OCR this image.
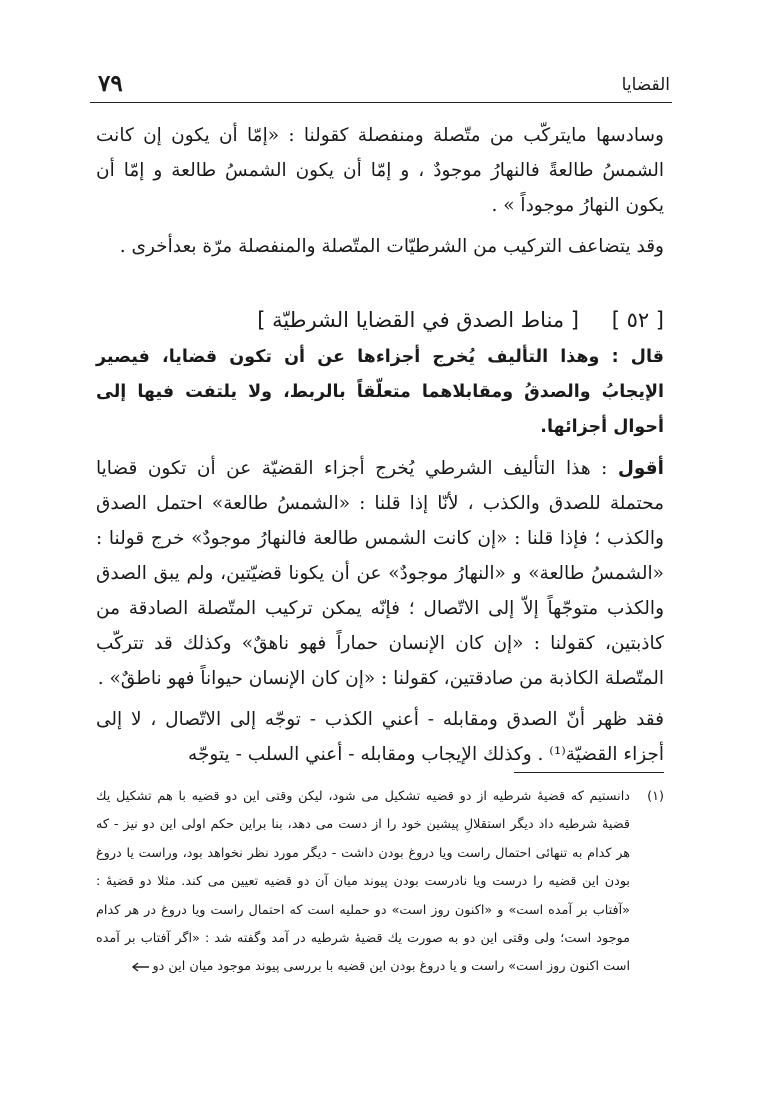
٧٩	القضايا

وسادسها مايتركّب من متّصلة ومنفصلة كقولنا : «إمّا أن يكون إن كانت الشمسُ طالعةً فالنهارُ موجودٌ ، و إمّا أن يكون الشمسُ طالعة و إمّا أن يكون النهارُ موجوداً » .

وقد يتضاعف التركيب من الشرطيّات المتّصلة والمنفصلة مرّة بعدأخرى .

[ ٥٢ ] [ مناط الصدق في القضايا الشرطيّة ]

قال : وهذا التأليف يُخرج أجزاءها عن أن تكون قضايا، فيصير الإيجابُ والصدقُ ومقابلاهما متعلّقاً بالربط، ولا يلتفت فيها إلى أحوال أجزائها.

أقول : هذا التأليف الشرطي يُخرج أجزاء القضيّة عن أن تكون قضايا محتملة للصدق والكذب ، لأنّا إذا قلنا : «الشمسُ طالعة» احتمل الصدق والكذب ؛ فإذا قلنا : «إن كانت الشمس طالعة فالنهارُ موجودٌ» خرج قولنا : «الشمسُ طالعة» و «النهارُ موجودٌ» عن أن يكونا قضيّتين، ولم يبق الصدق والكذب متوجّهاً إلاّ إلى الاتّصال ؛ فإنّه يمكن تركيب المتّصلة الصادقة من كاذبتين، كقولنا : «إن كان الإنسان حماراً فهو ناهقٌ» وكذلك قد تتركّب المتّصلة الكاذبة من صادقتين، كقولنا : «إن كان الإنسان حيواناً فهو ناطقٌ» .

فقد ظهر أنّ الصدق ومقابله - أعني الكذب - توجّه إلى الاتّصال ، لا إلى أجزاء القضيّة⁽¹⁾ . وكذلك الإيجاب ومقابله - أعني السلب - يتوجّه

(١)

دانستيم كه قضيۀ شرطيه از دو قضيه تشكيل مى شود، ليكن وقتى اين دو قضيه با هم تشكيل يك قضيۀ شرطيه داد ديگر استقلالِ پيشين خود را از دست مى دهد، بنا براين حكم اولى اين دو نيز - كه هر كدام به تنهائى احتمال راست ويا دروغ بودن داشت - ديگر مورد نظر نخواهد بود، وراست يا دروغ بودن اين قضيه را درست ويا نادرست بودن پيوند ميان آن دو قضيه تعيين مى كند. مثلا دو قضيۀ : «آفتاب بر آمده است» و «اكنون روز است» دو حمليه است كه احتمال راست ويا دروغ در هر كدام موجود است؛ ولى وقتى اين دو به صورت يك قضيۀ شرطيه در آمد وگفته شد : «اگر آفتاب بر آمده است اكنون روز است» راست و يا دروغ بودن اين قضيه با بررسى پيوند موجود ميان اين دو
